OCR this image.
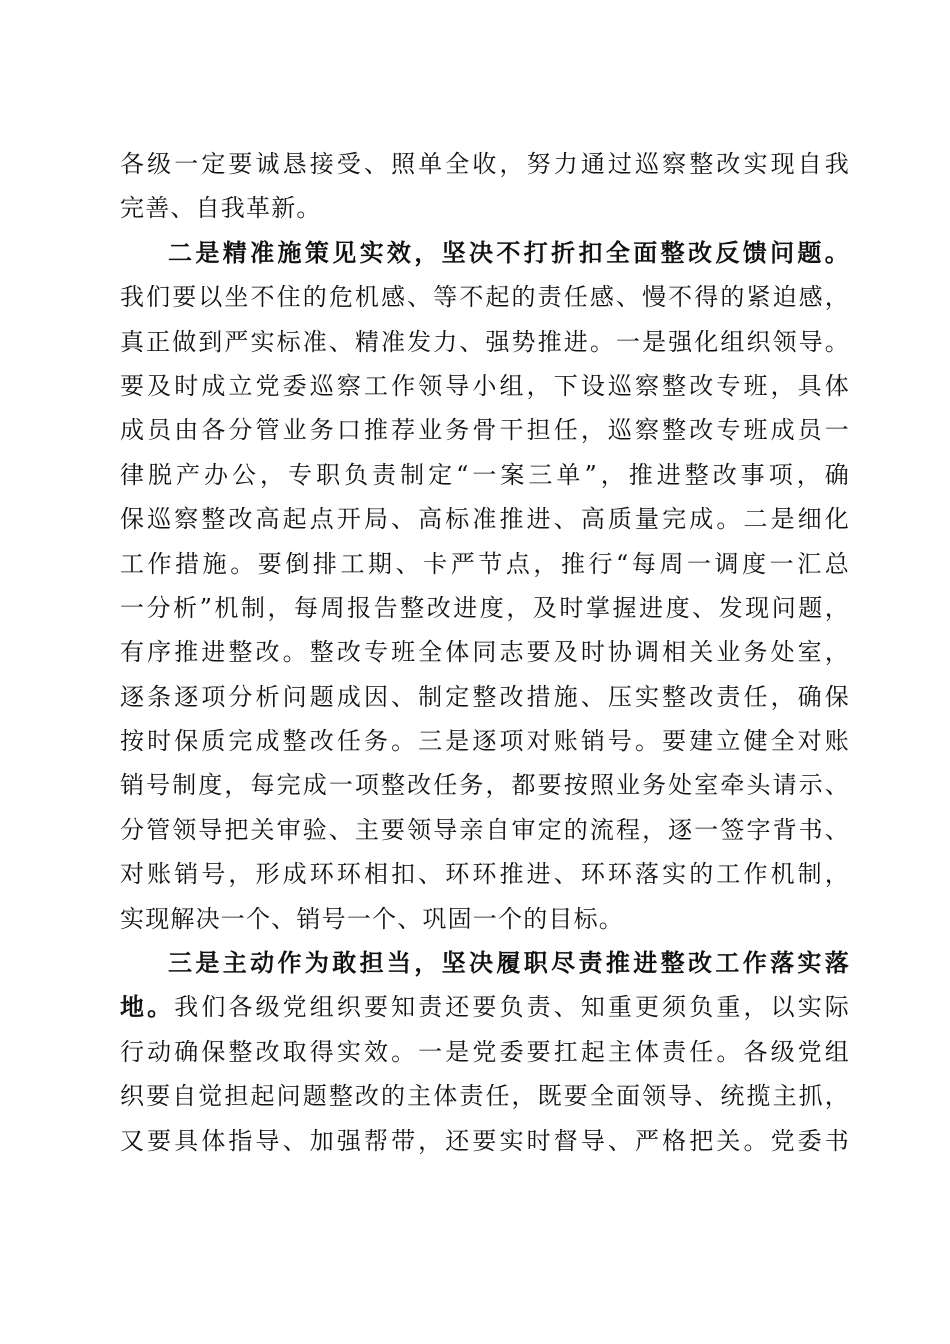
各级一定要诚恳接受、照单全收，努力通过巡察整改实现自我
完善、自我革新。
二是精准施策见实效，坚决不打折扣全面整改反馈问题。
我们要以坐不住的危机感、等不起的责任感、慢不得的紧迫感，
真正做到严实标准、精准发力、强势推进。一是强化组织领导。
要及时成立党委巡察工作领导小组，下设巡察整改专班，具体
成员由各分管业务口推荐业务骨干担任，巡察整改专班成员一
律脱产办公，专职负责制定“一案三单”，推进整改事项，确
保巡察整改高起点开局、高标准推进、高质量完成。二是细化
工作措施。要倒排工期、卡严节点，推行“每周一调度一汇总
一分析”机制，每周报告整改进度，及时掌握进度、发现问题，
有序推进整改。整改专班全体同志要及时协调相关业务处室，
逐条逐项分析问题成因、制定整改措施、压实整改责任，确保
按时保质完成整改任务。三是逐项对账销号。要建立健全对账
销号制度，每完成一项整改任务，都要按照业务处室牵头请示、
分管领导把关审验、主要领导亲自审定的流程，逐一签字背书、
对账销号，形成环环相扣、环环推进、环环落实的工作机制，
实现解决一个、销号一个、巩固一个的目标。
三是主动作为敢担当，坚决履职尽责推进整改工作落实落
地。我们各级党组织要知责还要负责、知重更须负重，以实际
行动确保整改取得实效。一是党委要扛起主体责任。各级党组
织要自觉担起问题整改的主体责任，既要全面领导、统揽主抓，
又要具体指导、加强帮带，还要实时督导、严格把关。党委书
